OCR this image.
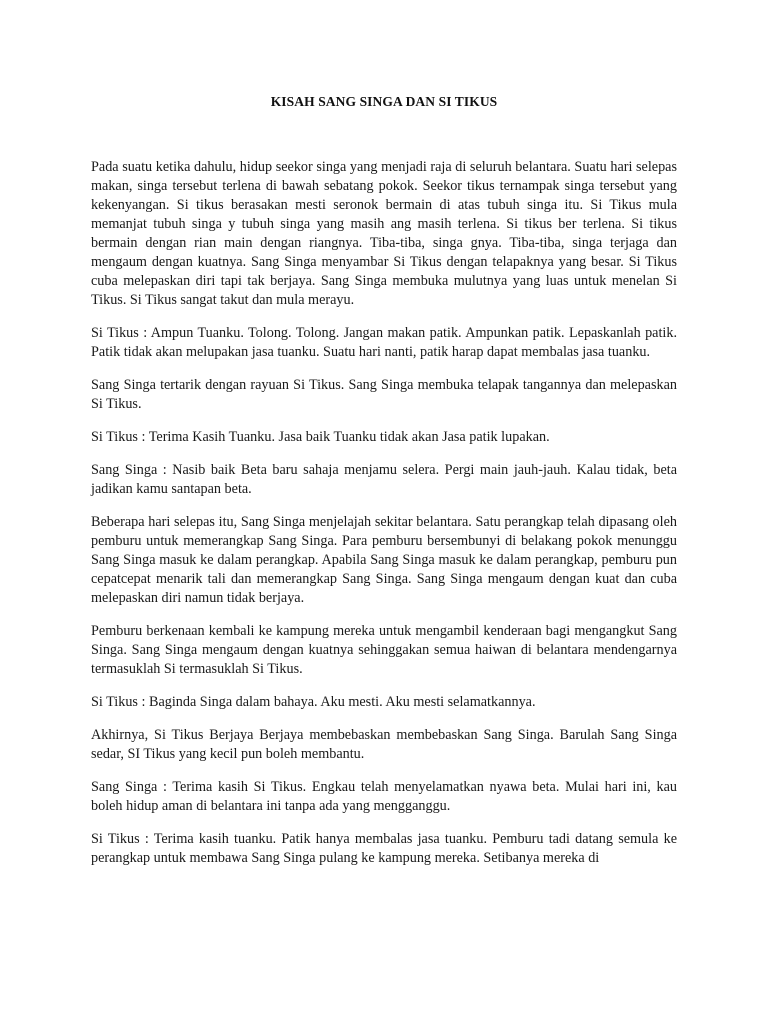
KISAH SANG SINGA DAN SI TIKUS

Pada suatu ketika dahulu, hidup seekor singa yang menjadi raja di seluruh belantara. Suatu hari selepas makan, singa tersebut terlena di bawah sebatang pokok. Seekor tikus ternampak singa tersebut yang kekenyangan. Si tikus berasakan mesti seronok bermain di atas tubuh singa itu. Si Tikus mula memanjat tubuh singa y tubuh singa yang masih ang masih terlena. Si tikus ber terlena. Si tikus bermain dengan rian main dengan riangnya. Tiba-tiba, singa gnya. Tiba-tiba, singa terjaga dan mengaum dengan kuatnya. Sang Singa menyambar Si Tikus dengan telapaknya yang besar. Si Tikus cuba melepaskan diri tapi tak berjaya. Sang Singa membuka mulutnya yang luas untuk menelan Si Tikus. Si Tikus sangat takut dan mula merayu.

Si Tikus : Ampun Tuanku. Tolong. Tolong. Jangan makan patik. Ampunkan patik. Lepaskanlah patik. Patik tidak akan melupakan jasa tuanku. Suatu hari nanti, patik harap dapat membalas jasa tuanku.

Sang Singa tertarik dengan rayuan Si Tikus. Sang Singa membuka telapak tangannya dan melepaskan Si Tikus.

Si Tikus : Terima Kasih Tuanku. Jasa baik Tuanku tidak akan Jasa patik lupakan.

Sang Singa : Nasib baik Beta baru sahaja menjamu selera. Pergi main jauh-jauh. Kalau tidak, beta jadikan kamu santapan beta.

Beberapa hari selepas itu, Sang Singa menjelajah sekitar belantara. Satu perangkap telah dipasang oleh pemburu untuk memerangkap Sang Singa. Para pemburu bersembunyi di belakang pokok menunggu Sang Singa masuk ke dalam perangkap. Apabila Sang Singa masuk ke dalam perangkap, pemburu pun cepatcepat menarik tali dan memerangkap Sang Singa. Sang Singa mengaum dengan kuat dan cuba melepaskan diri namun tidak berjaya.

Pemburu berkenaan kembali ke kampung mereka untuk mengambil kenderaan bagi mengangkut Sang Singa. Sang Singa mengaum dengan kuatnya sehinggakan semua haiwan di belantara mendengarnya termasuklah Si termasuklah Si Tikus.

Si Tikus : Baginda Singa dalam bahaya. Aku mesti. Aku mesti selamatkannya.

Akhirnya, Si Tikus Berjaya Berjaya membebaskan membebaskan Sang Singa. Barulah Sang Singa sedar, SI Tikus yang kecil pun boleh membantu.

Sang Singa : Terima kasih Si Tikus. Engkau telah menyelamatkan nyawa beta. Mulai hari ini, kau boleh hidup aman di belantara ini tanpa ada yang mengganggu.

Si Tikus : Terima kasih tuanku. Patik hanya membalas jasa tuanku. Pemburu tadi datang semula ke perangkap untuk membawa Sang Singa pulang ke kampung mereka. Setibanya mereka di
